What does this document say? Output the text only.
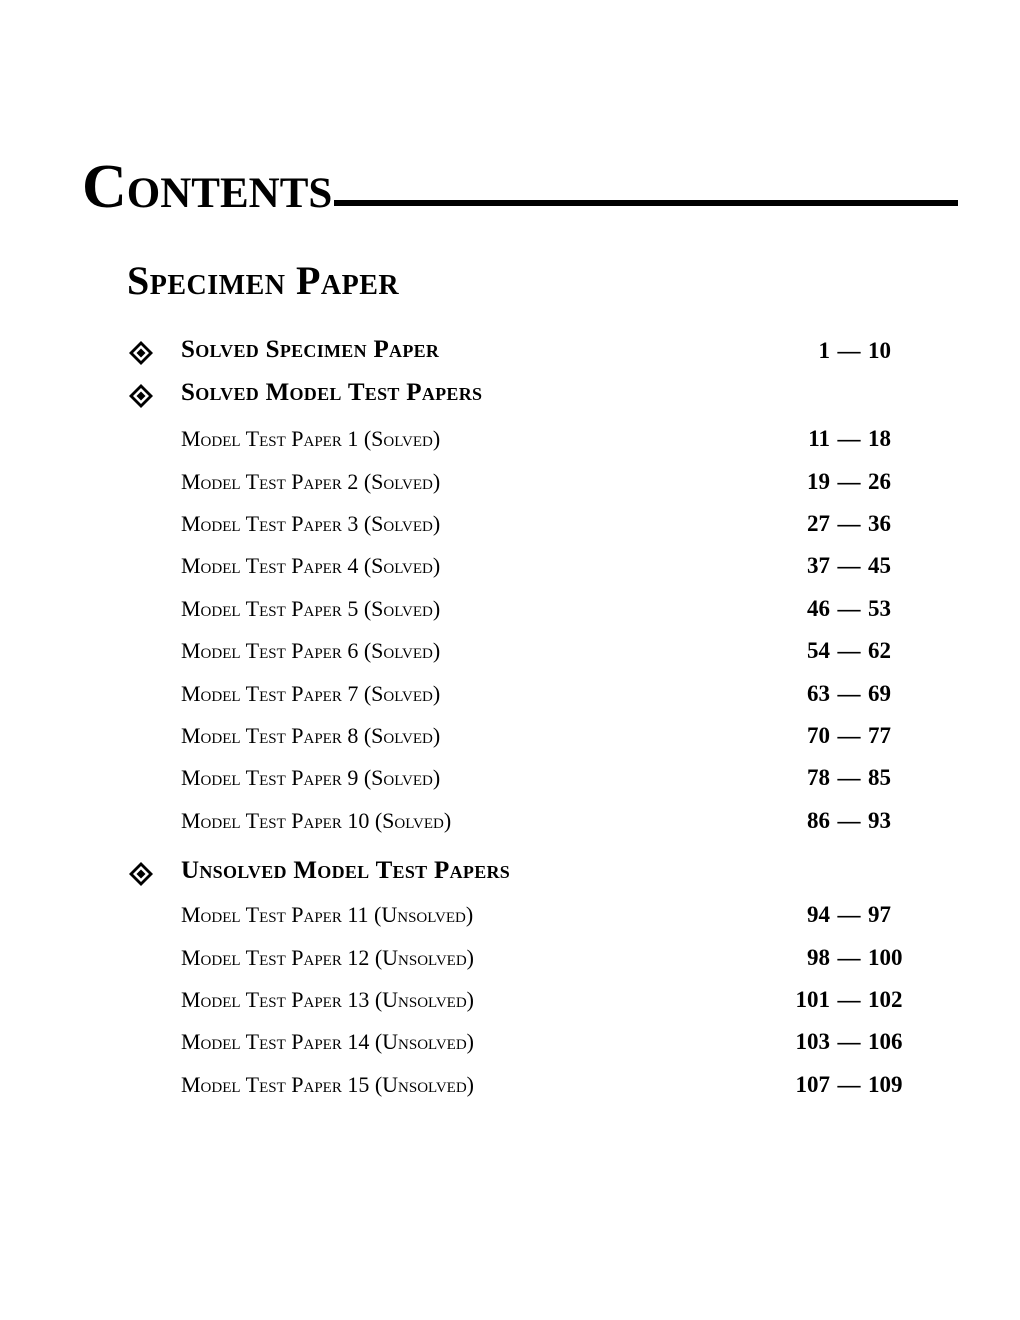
Contents
Specimen Paper
Solved Specimen Paper	1 — 10
Solved Model Test Papers
Model Test Paper 1 (Solved)	11 — 18
Model Test Paper 2 (Solved)	19 — 26
Model Test Paper 3 (Solved)	27 — 36
Model Test Paper 4 (Solved)	37 — 45
Model Test Paper 5 (Solved)	46 — 53
Model Test Paper 6 (Solved)	54 — 62
Model Test Paper 7 (Solved)	63 — 69
Model Test Paper 8 (Solved)	70 — 77
Model Test Paper 9 (Solved)	78 — 85
Model Test Paper 10 (Solved)	86 — 93
Unsolved Model Test Papers
Model Test Paper 11 (Unsolved)	94 — 97
Model Test Paper 12 (Unsolved)	98 — 100
Model Test Paper 13 (Unsolved)	101 — 102
Model Test Paper 14 (Unsolved)	103 — 106
Model Test Paper 15 (Unsolved)	107 — 109
